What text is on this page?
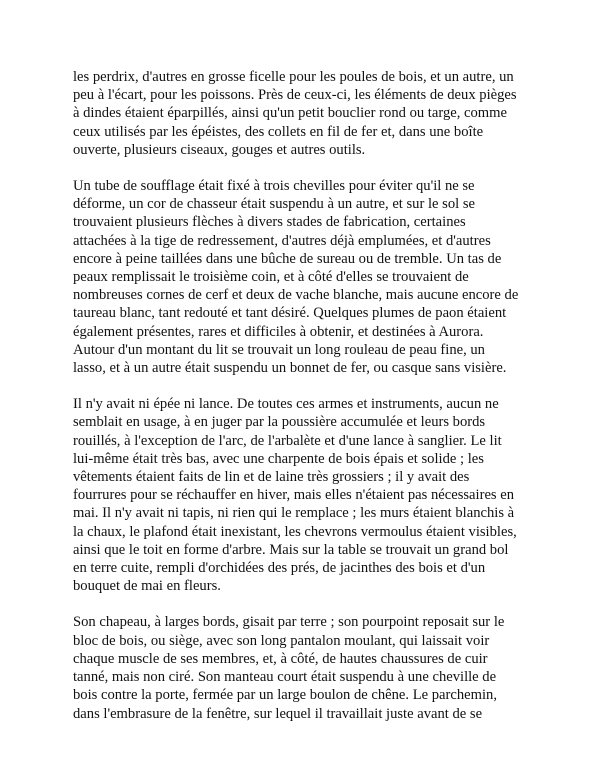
les perdrix, d'autres en grosse ficelle pour les poules de bois, et un autre, un
peu à l'écart, pour les poissons. Près de ceux-ci, les éléments de deux pièges
à dindes étaient éparpillés, ainsi qu'un petit bouclier rond ou targe, comme
ceux utilisés par les épéistes, des collets en fil de fer et, dans une boîte
ouverte, plusieurs ciseaux, gouges et autres outils.

Un tube de soufflage était fixé à trois chevilles pour éviter qu'il ne se
déforme, un cor de chasseur était suspendu à un autre, et sur le sol se
trouvaient plusieurs flèches à divers stades de fabrication, certaines
attachées à la tige de redressement, d'autres déjà emplumées, et d'autres
encore à peine taillées dans une bûche de sureau ou de tremble. Un tas de
peaux remplissait le troisième coin, et à côté d'elles se trouvaient de
nombreuses cornes de cerf et deux de vache blanche, mais aucune encore de
taureau blanc, tant redouté et tant désiré. Quelques plumes de paon étaient
également présentes, rares et difficiles à obtenir, et destinées à Aurora.
Autour d'un montant du lit se trouvait un long rouleau de peau fine, un
lasso, et à un autre était suspendu un bonnet de fer, ou casque sans visière.

Il n'y avait ni épée ni lance. De toutes ces armes et instruments, aucun ne
semblait en usage, à en juger par la poussière accumulée et leurs bords
rouillés, à l'exception de l'arc, de l'arbalète et d'une lance à sanglier. Le lit
lui-même était très bas, avec une charpente de bois épais et solide ; les
vêtements étaient faits de lin et de laine très grossiers ; il y avait des
fourrures pour se réchauffer en hiver, mais elles n'étaient pas nécessaires en
mai. Il n'y avait ni tapis, ni rien qui le remplace ; les murs étaient blanchis à
la chaux, le plafond était inexistant, les chevrons vermoulus étaient visibles,
ainsi que le toit en forme d'arbre. Mais sur la table se trouvait un grand bol
en terre cuite, rempli d'orchidées des prés, de jacinthes des bois et d'un
bouquet de mai en fleurs.

Son chapeau, à larges bords, gisait par terre ; son pourpoint reposait sur le
bloc de bois, ou siège, avec son long pantalon moulant, qui laissait voir
chaque muscle de ses membres, et, à côté, de hautes chaussures de cuir
tanné, mais non ciré. Son manteau court était suspendu à une cheville de
bois contre la porte, fermée par un large boulon de chêne. Le parchemin,
dans l'embrasure de la fenêtre, sur lequel il travaillait juste avant de se
